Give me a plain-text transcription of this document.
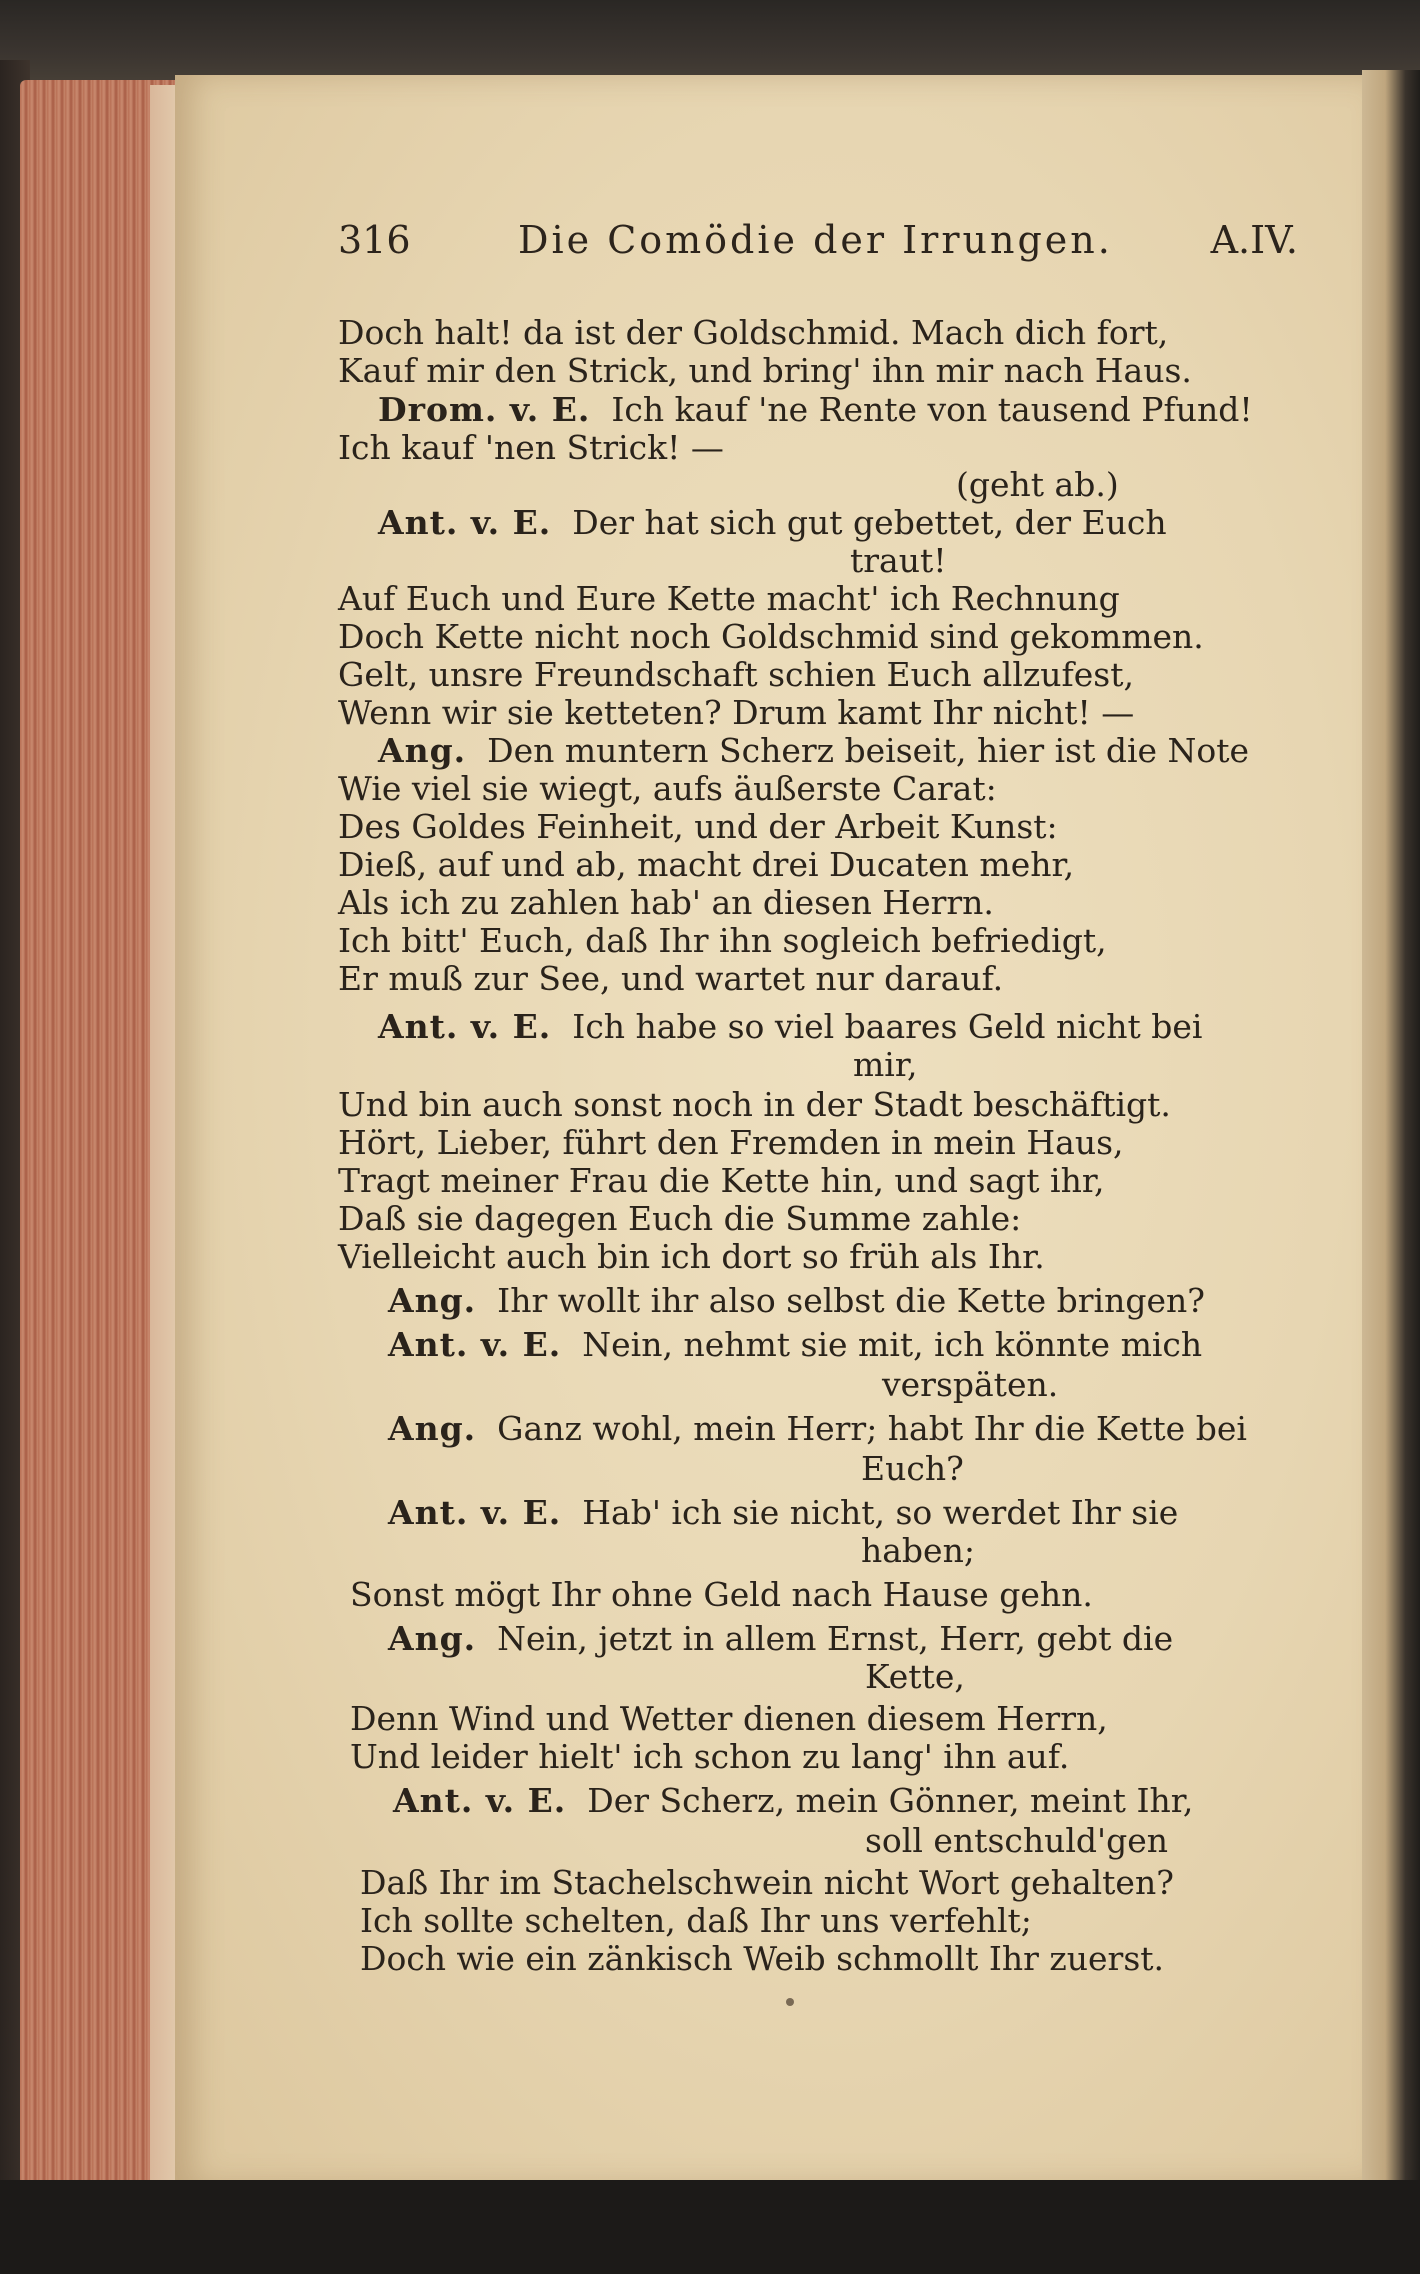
316	Die Comödie der Irrungen.	A.IV.
Doch halt! da ist der Goldschmid. Mach dich fort,
Kauf mir den Strick, und bring' ihn mir nach Haus.
Drom. v. E. Ich kauf 'ne Rente von tausend Pfund!
Ich kauf 'nen Strick! —
(geht ab.)
Ant. v. E. Der hat sich gut gebettet, der Euch
traut!
Auf Euch und Eure Kette macht' ich Rechnung
Doch Kette nicht noch Goldschmid sind gekommen.
Gelt, unsre Freundschaft schien Euch allzufest,
Wenn wir sie ketteten? Drum kamt Ihr nicht! —
Ang. Den muntern Scherz beiseit, hier ist die Note
Wie viel sie wiegt, aufs äußerste Carat:
Des Goldes Feinheit, und der Arbeit Kunst:
Dieß, auf und ab, macht drei Ducaten mehr,
Als ich zu zahlen hab' an diesen Herrn.
Ich bitt' Euch, daß Ihr ihn sogleich befriedigt,
Er muß zur See, und wartet nur darauf.
Ant. v. E. Ich habe so viel baares Geld nicht bei
mir,
Und bin auch sonst noch in der Stadt beschäftigt.
Hört, Lieber, führt den Fremden in mein Haus,
Tragt meiner Frau die Kette hin, und sagt ihr,
Daß sie dagegen Euch die Summe zahle:
Vielleicht auch bin ich dort so früh als Ihr.
Ang. Ihr wollt ihr also selbst die Kette bringen?
Ant. v. E. Nein, nehmt sie mit, ich könnte mich
verspäten.
Ang. Ganz wohl, mein Herr; habt Ihr die Kette bei
Euch?
Ant. v. E. Hab' ich sie nicht, so werdet Ihr sie
haben;
Sonst mögt Ihr ohne Geld nach Hause gehn.
Ang. Nein, jetzt in allem Ernst, Herr, gebt die
Kette,
Denn Wind und Wetter dienen diesem Herrn,
Und leider hielt' ich schon zu lang' ihn auf.
Ant. v. E. Der Scherz, mein Gönner, meint Ihr,
soll entschuld'gen
Daß Ihr im Stachelschwein nicht Wort gehalten?
Ich sollte schelten, daß Ihr uns verfehlt;
Doch wie ein zänkisch Weib schmollt Ihr zuerst.
